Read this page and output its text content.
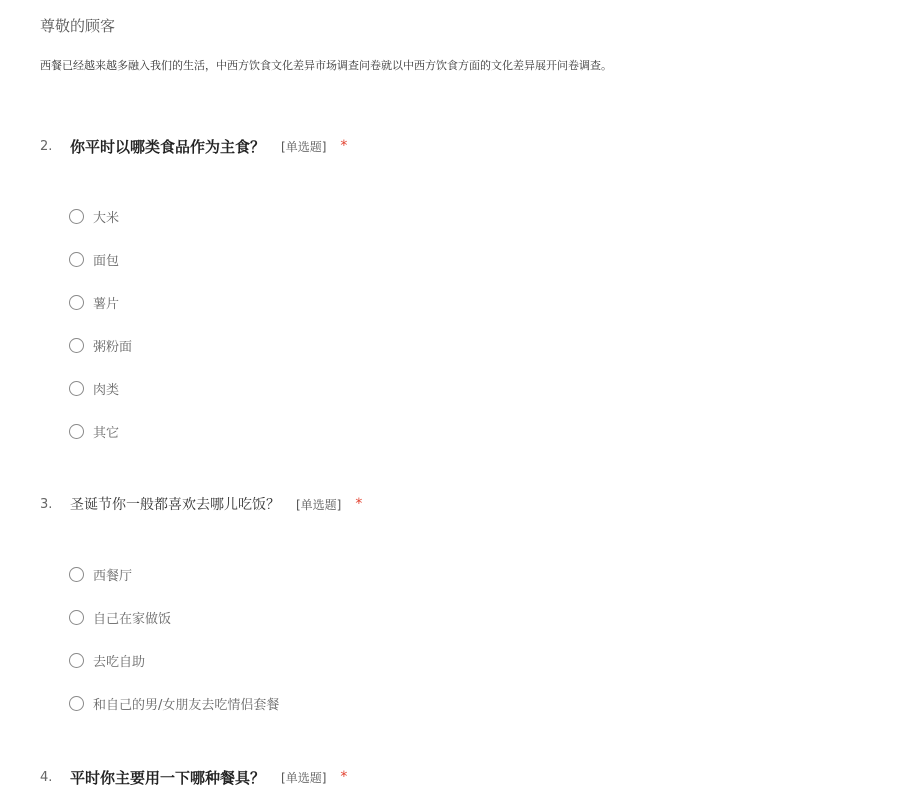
尊敬的顾客
西餐已经越来越多融入我们的生活，中西方饮食文化差异市场调查问卷就以中西方饮食方面的文化差异展开问卷调查。
2.	你平时以哪类食品作为主食？ [单选题] *
大米
面包
薯片
粥粉面
肉类
其它
3.	圣诞节你一般都喜欢去哪儿吃饭？ [单选题] *
西餐厅
自己在家做饭
去吃自助
和自己的男/女朋友去吃情侣套餐
4.	平时你主要用一下哪种餐具？ [单选题] *
